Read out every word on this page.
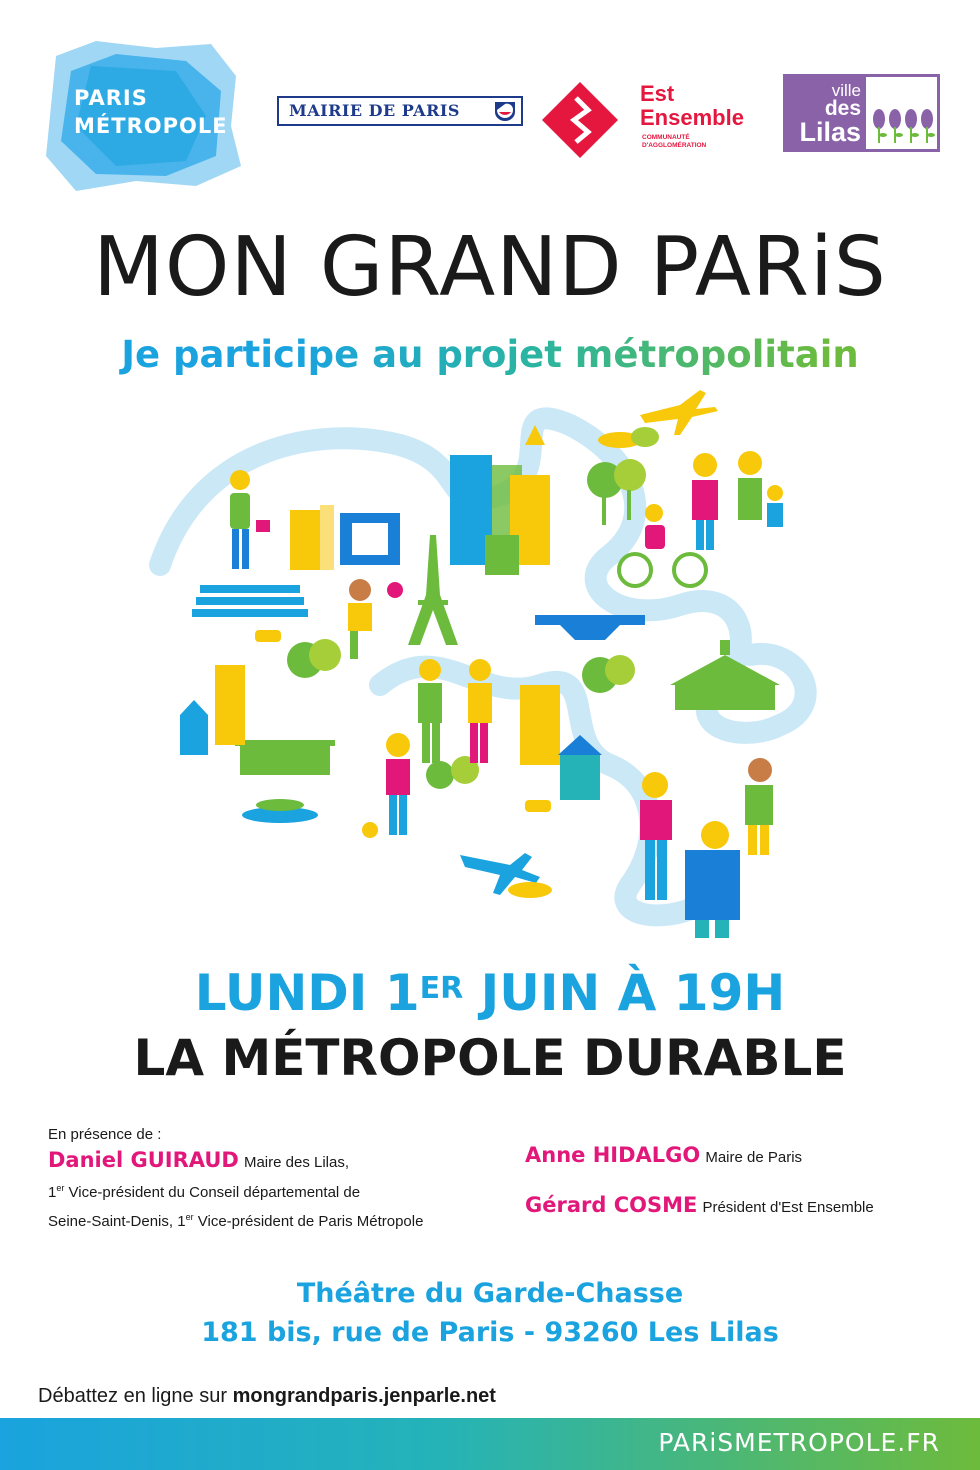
PARIS
MÉTROPOLE
MAIRIE DE PARIS
Est
Ensemble
COMMUNAUTÉ
D'AGGLOMÉRATION
ville
des
Lilas
MON GRAND PARiS
Je participe au projet métropolitain
LUNDI 1ER JUIN À 19H
LA MÉTROPOLE DURABLE
En présence de :
Daniel GUIRAUD Maire des Lilas,
1er Vice-président du Conseil départemental de
Seine-Saint-Denis, 1er Vice-président de Paris Métropole
Anne HIDALGO Maire de Paris
Gérard COSME Président d'Est Ensemble
Théâtre du Garde-Chasse
181 bis, rue de Paris - 93260 Les Lilas
Débattez en ligne sur mongrandparis.jenparle.net
PARiSMETROPOLE.FR
